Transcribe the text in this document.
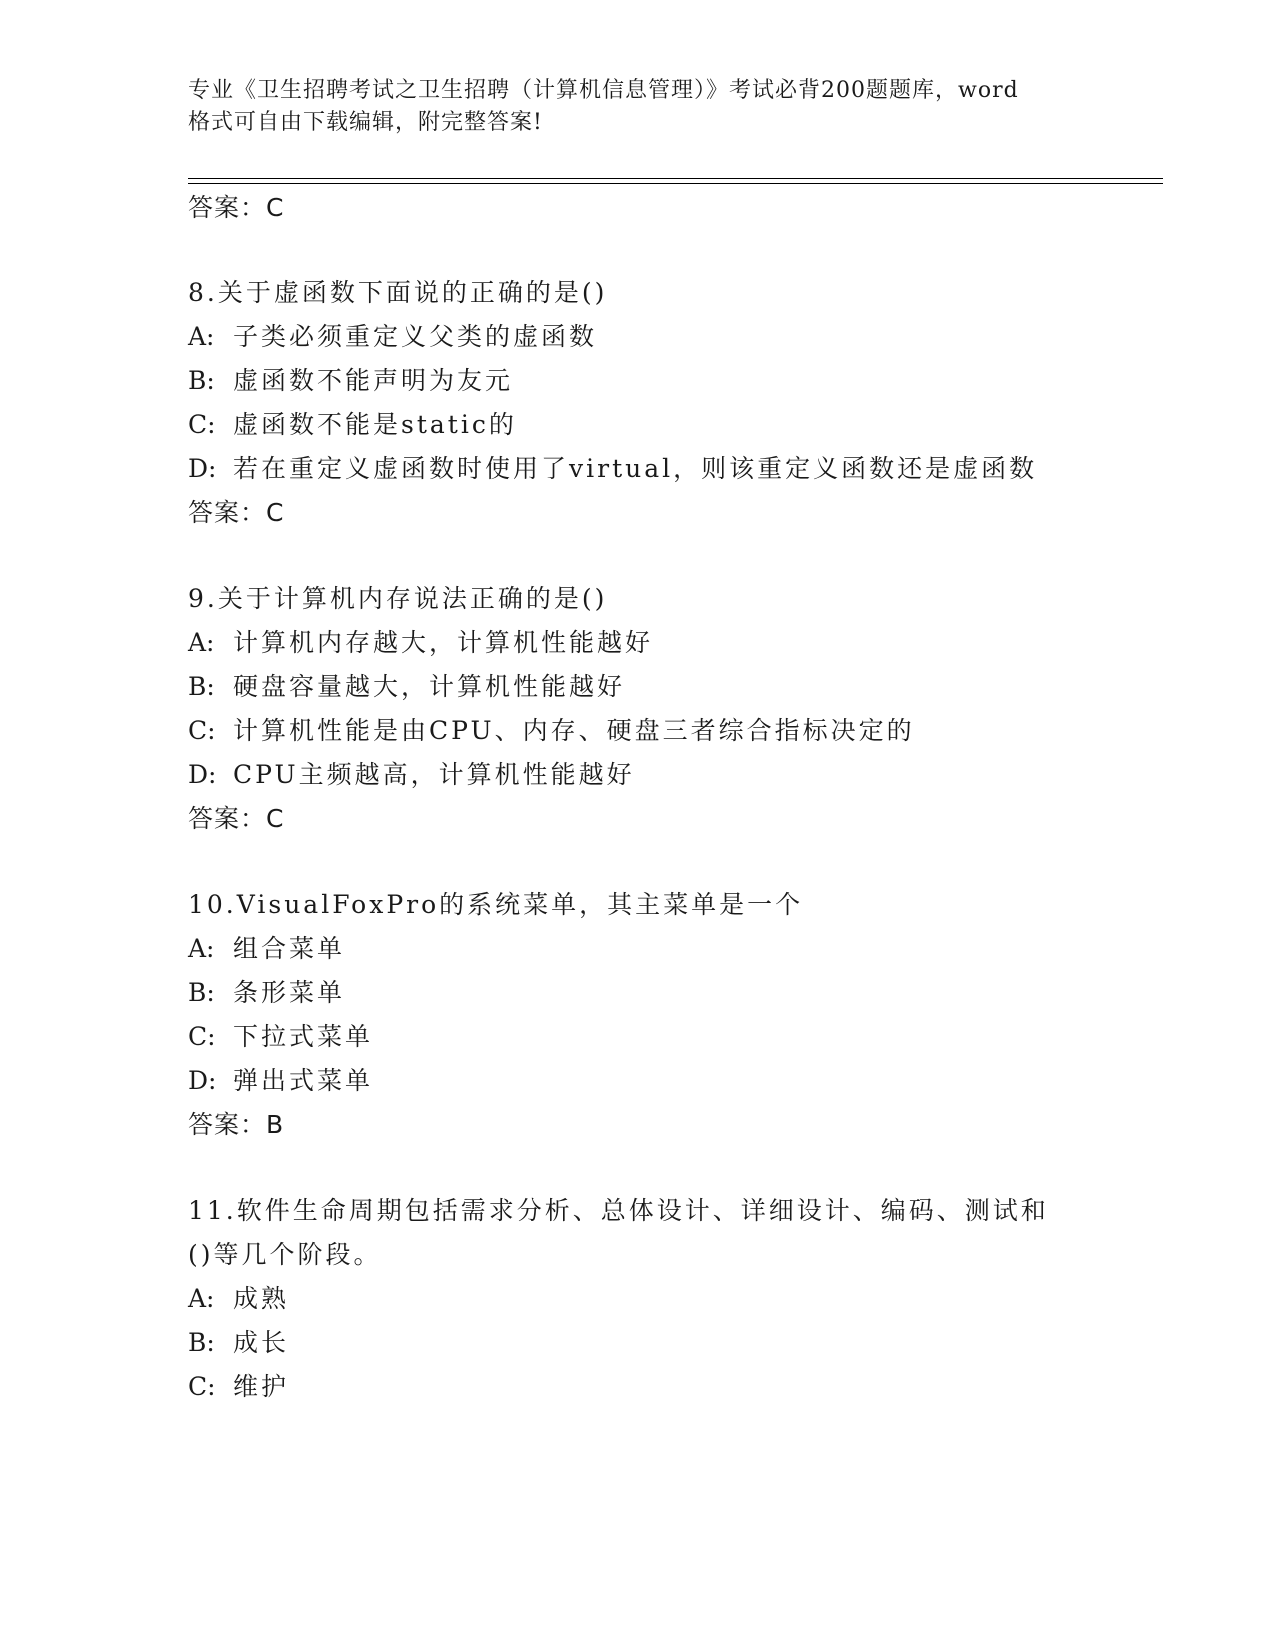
专业《卫生招聘考试之卫生招聘（计算机信息管理）》考试必背200题题库，word
格式可自由下载编辑，附完整答案!
答案：C
8.关于虚函数下面说的正确的是()
A: 子类必须重定义父类的虚函数
B: 虚函数不能声明为友元
C: 虚函数不能是static的
D: 若在重定义虚函数时使用了virtual，则该重定义函数还是虚函数
答案：C
9.关于计算机内存说法正确的是()
A: 计算机内存越大，计算机性能越好
B: 硬盘容量越大，计算机性能越好
C: 计算机性能是由CPU、内存、硬盘三者综合指标决定的
D: CPU主频越高，计算机性能越好
答案：C
10.VisualFoxPro的系统菜单，其主菜单是一个
A: 组合菜单
B: 条形菜单
C: 下拉式菜单
D: 弹出式菜单
答案：B
11.软件生命周期包括需求分析、总体设计、详细设计、编码、测试和
()等几个阶段。
A: 成熟
B: 成长
C: 维护
